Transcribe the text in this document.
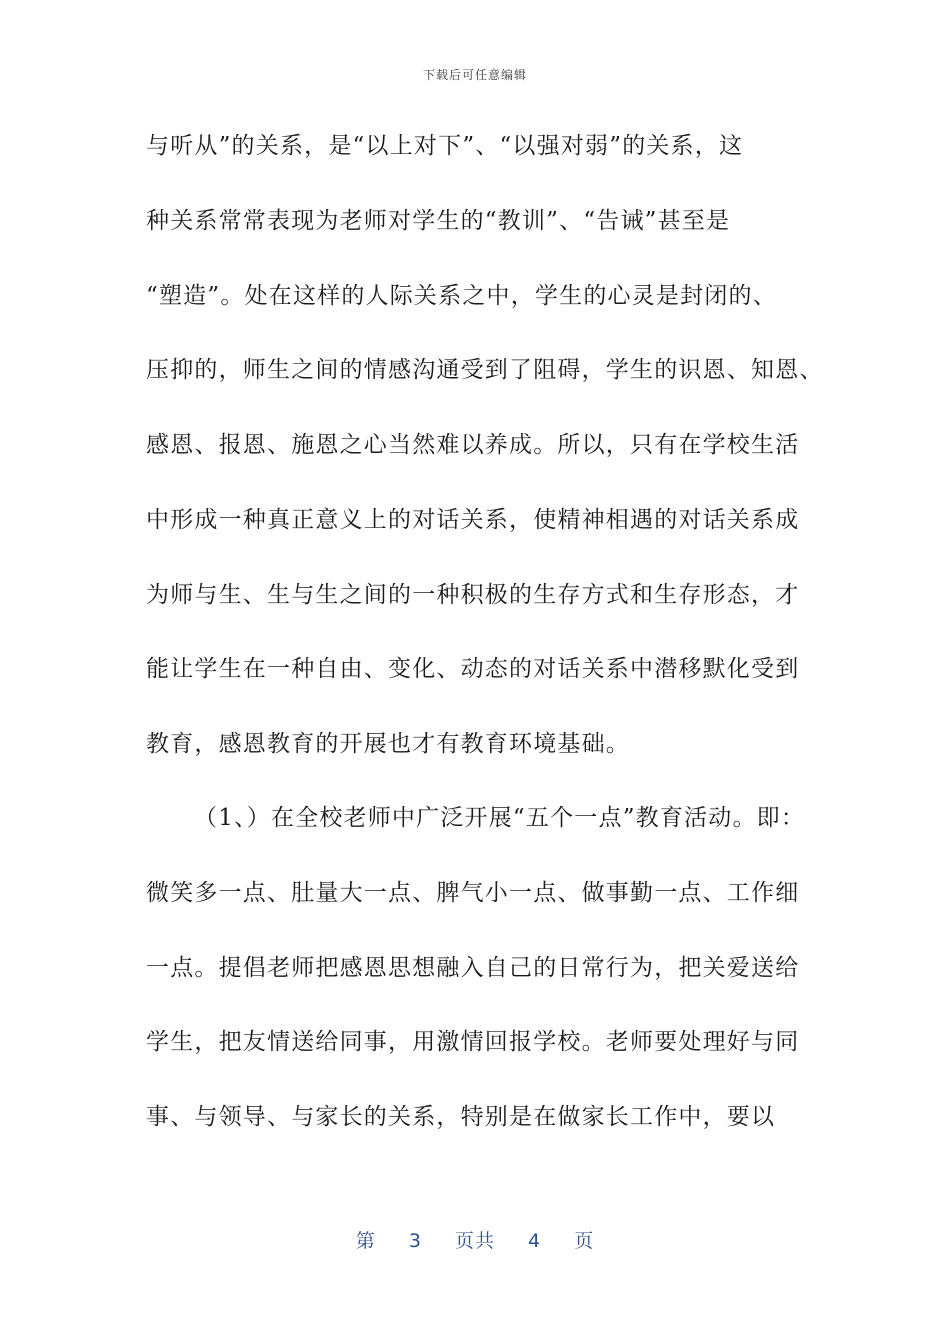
下载后可任意编辑
与听从”的关系，是“以上对下”、“以强对弱”的关系，这
种关系常常表现为老师对学生的“教训”、“告诫”甚至是
“塑造”。处在这样的人际关系之中，学生的心灵是封闭的、
压抑的，师生之间的情感沟通受到了阻碍，学生的识恩、知恩、
感恩、报恩、施恩之心当然难以养成。所以，只有在学校生活
中形成一种真正意义上的对话关系，使精神相遇的对话关系成
为师与生、生与生之间的一种积极的生存方式和生存形态，才
能让学生在一种自由、变化、动态的对话关系中潜移默化受到
教育，感恩教育的开展也才有教育环境基础。
（1、）在全校老师中广泛开展“五个一点”教育活动。即：
微笑多一点、肚量大一点、脾气小一点、做事勤一点、工作细
一点。提倡老师把感恩思想融入自己的日常行为，把关爱送给
学生，把友情送给同事，用激情回报学校。老师要处理好与同
事、与领导、与家长的关系，特别是在做家长工作中，要以
第 3 页共 4 页
